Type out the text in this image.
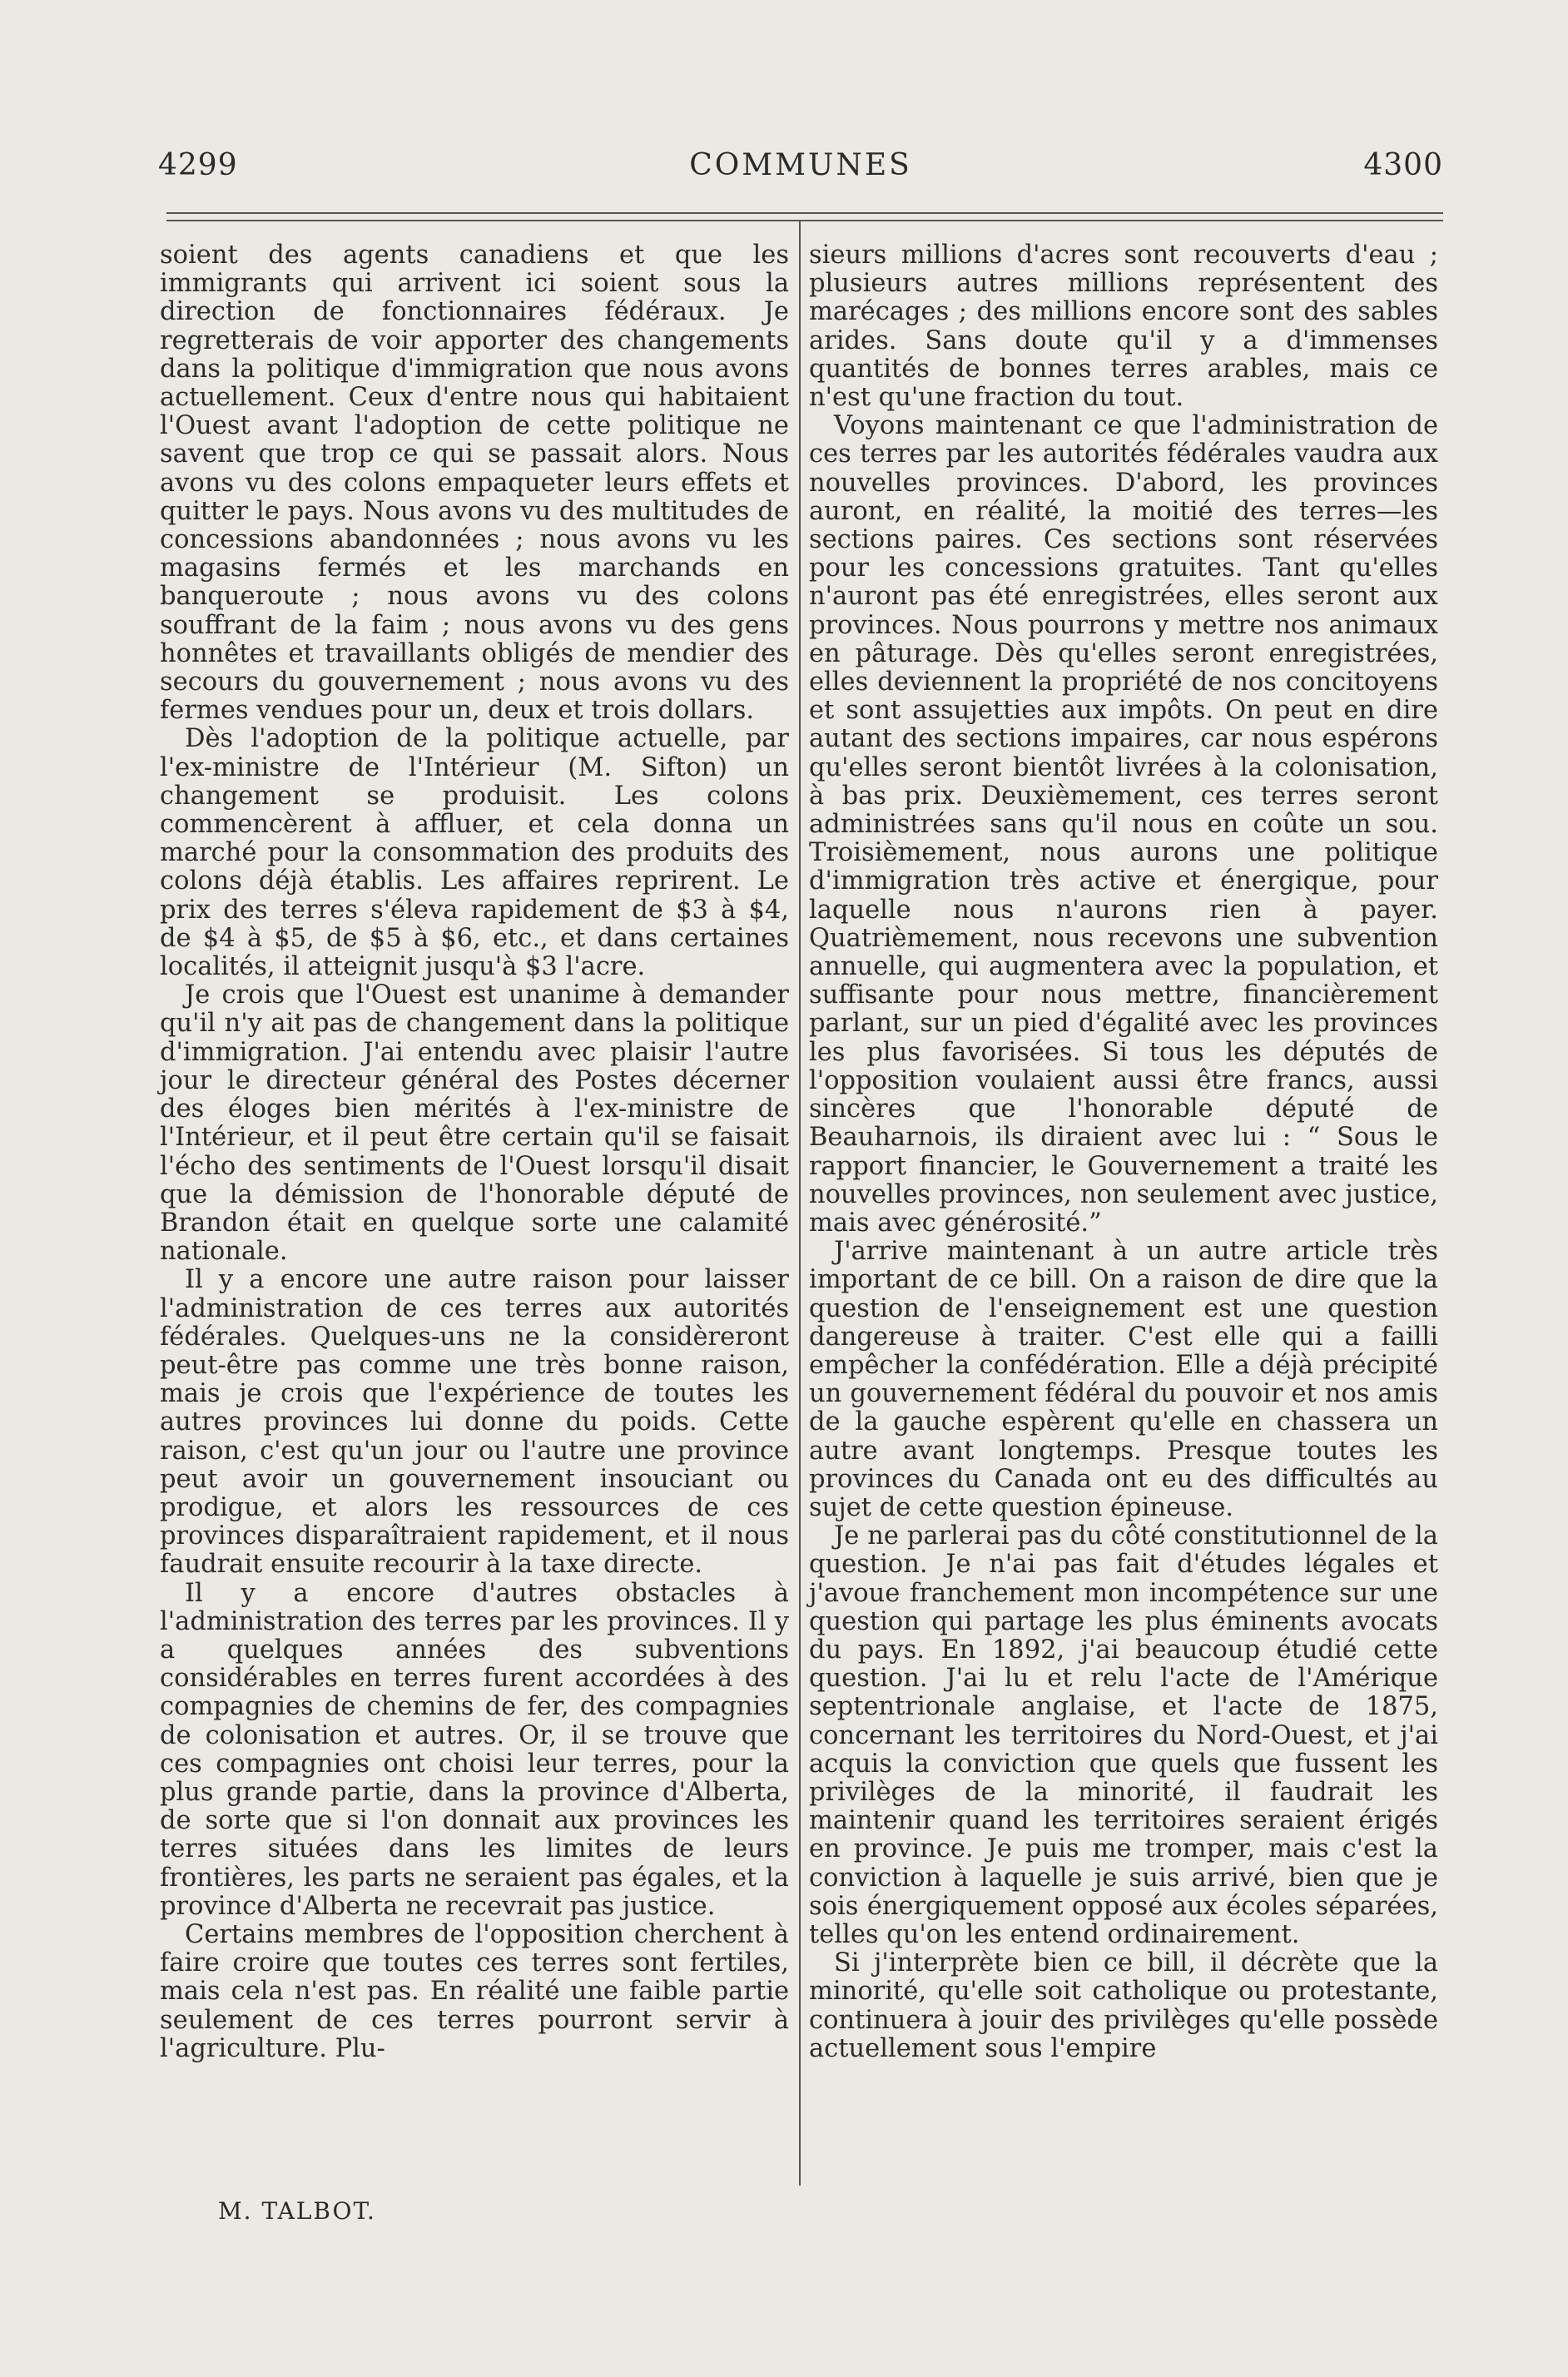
4299	COMMUNES	4300

soient des agents canadiens et que les immigrants qui arrivent ici soient sous la direction de fonctionnaires fédéraux. Je regretterais de voir apporter des changements dans la politique d'immigration que nous avons actuellement. Ceux d'entre nous qui habitaient l'Ouest avant l'adoption de cette politique ne savent que trop ce qui se passait alors. Nous avons vu des colons empaqueter leurs effets et quitter le pays. Nous avons vu des multitudes de concessions abandonnées ; nous avons vu les magasins fermés et les marchands en banqueroute ; nous avons vu des colons souffrant de la faim ; nous avons vu des gens honnêtes et travaillants obligés de mendier des secours du gouvernement ; nous avons vu des fermes vendues pour un, deux et trois dollars.

Dès l'adoption de la politique actuelle, par l'ex-ministre de l'Intérieur (M. Sifton) un changement se produisit. Les colons commencèrent à affluer, et cela donna un marché pour la consommation des produits des colons déjà établis. Les affaires reprirent. Le prix des terres s'éleva rapidement de $3 à $4, de $4 à $5, de $5 à $6, etc., et dans certaines localités, il atteignit jusqu'à $3 l'acre.

Je crois que l'Ouest est unanime à demander qu'il n'y ait pas de changement dans la politique d'immigration. J'ai entendu avec plaisir l'autre jour le directeur général des Postes décerner des éloges bien mérités à l'ex-ministre de l'Intérieur, et il peut être certain qu'il se faisait l'écho des sentiments de l'Ouest lorsqu'il disait que la démission de l'honorable député de Brandon était en quelque sorte une calamité nationale.

Il y a encore une autre raison pour laisser l'administration de ces terres aux autorités fédérales. Quelques-uns ne la considèreront peut-être pas comme une très bonne raison, mais je crois que l'expérience de toutes les autres provinces lui donne du poids. Cette raison, c'est qu'un jour ou l'autre une province peut avoir un gouvernement insouciant ou prodigue, et alors les ressources de ces provinces disparaîtraient rapidement, et il nous faudrait ensuite recourir à la taxe directe.

Il y a encore d'autres obstacles à l'administration des terres par les provinces. Il y a quelques années des subventions considérables en terres furent accordées à des compagnies de chemins de fer, des compagnies de colonisation et autres. Or, il se trouve que ces compagnies ont choisi leur terres, pour la plus grande partie, dans la province d'Alberta, de sorte que si l'on donnait aux provinces les terres situées dans les limites de leurs frontières, les parts ne seraient pas égales, et la province d'Alberta ne recevrait pas justice.

Certains membres de l'opposition cherchent à faire croire que toutes ces terres sont fertiles, mais cela n'est pas. En réalité une faible partie seulement de ces terres pourront servir à l'agriculture. Plu-

sieurs millions d'acres sont recouverts d'eau ; plusieurs autres millions représentent des marécages ; des millions encore sont des sables arides. Sans doute qu'il y a d'immenses quantités de bonnes terres arables, mais ce n'est qu'une fraction du tout.

Voyons maintenant ce que l'administration de ces terres par les autorités fédérales vaudra aux nouvelles provinces. D'abord, les provinces auront, en réalité, la moitié des terres—les sections paires. Ces sections sont réservées pour les concessions gratuites. Tant qu'elles n'auront pas été enregistrées, elles seront aux provinces. Nous pourrons y mettre nos animaux en pâturage. Dès qu'elles seront enregistrées, elles deviennent la propriété de nos concitoyens et sont assujetties aux impôts. On peut en dire autant des sections impaires, car nous espérons qu'elles seront bientôt livrées à la colonisation, à bas prix. Deuxièmement, ces terres seront administrées sans qu'il nous en coûte un sou. Troisièmement, nous aurons une politique d'immigration très active et énergique, pour laquelle nous n'aurons rien à payer. Quatrièmement, nous recevons une subvention annuelle, qui augmentera avec la population, et suffisante pour nous mettre, financièrement parlant, sur un pied d'égalité avec les provinces les plus favorisées. Si tous les députés de l'opposition voulaient aussi être francs, aussi sincères que l'honorable député de Beauharnois, ils diraient avec lui : “ Sous le rapport financier, le Gouvernement a traité les nouvelles provinces, non seulement avec justice, mais avec générosité.”

J'arrive maintenant à un autre article très important de ce bill. On a raison de dire que la question de l'enseignement est une question dangereuse à traiter. C'est elle qui a failli empêcher la confédération. Elle a déjà précipité un gouvernement fédéral du pouvoir et nos amis de la gauche espèrent qu'elle en chassera un autre avant longtemps. Presque toutes les provinces du Canada ont eu des difficultés au sujet de cette question épineuse.

Je ne parlerai pas du côté constitutionnel de la question. Je n'ai pas fait d'études légales et j'avoue franchement mon incompétence sur une question qui partage les plus éminents avocats du pays. En 1892, j'ai beaucoup étudié cette question. J'ai lu et relu l'acte de l'Amérique septentrionale anglaise, et l'acte de 1875, concernant les territoires du Nord-Ouest, et j'ai acquis la conviction que quels que fussent les privilèges de la minorité, il faudrait les maintenir quand les territoires seraient érigés en province. Je puis me tromper, mais c'est la conviction à laquelle je suis arrivé, bien que je sois énergiquement opposé aux écoles séparées, telles qu'on les entend ordinairement.

Si j'interprète bien ce bill, il décrète que la minorité, qu'elle soit catholique ou protestante, continuera à jouir des privilèges qu'elle possède actuellement sous l'empire

M. TALBOT.
